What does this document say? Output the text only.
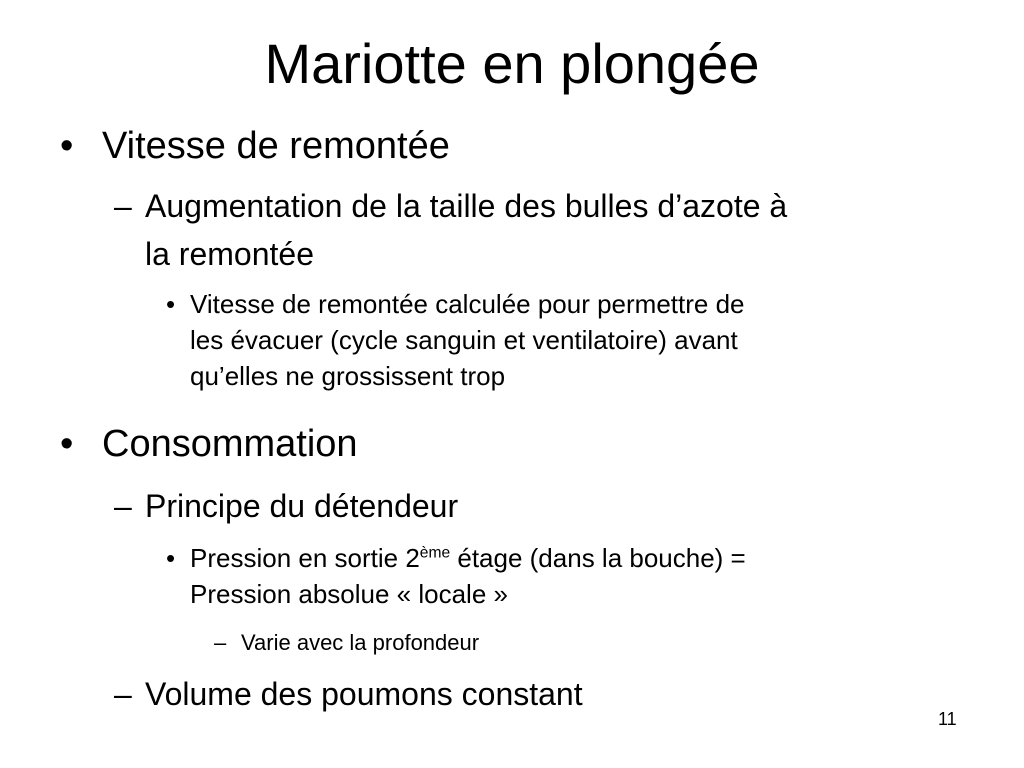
Mariotte en plongée
• Vitesse de remontée
– Augmentation de la taille des bulles d’azote à
la remontée
• Vitesse de remontée calculée pour permettre de
les évacuer (cycle sanguin et ventilatoire) avant
qu’elles ne grossissent trop
• Consommation
– Principe du détendeur
• Pression en sortie 2ème étage (dans la bouche) =
Pression absolue « locale »
– Varie avec la profondeur
– Volume des poumons constant
11
